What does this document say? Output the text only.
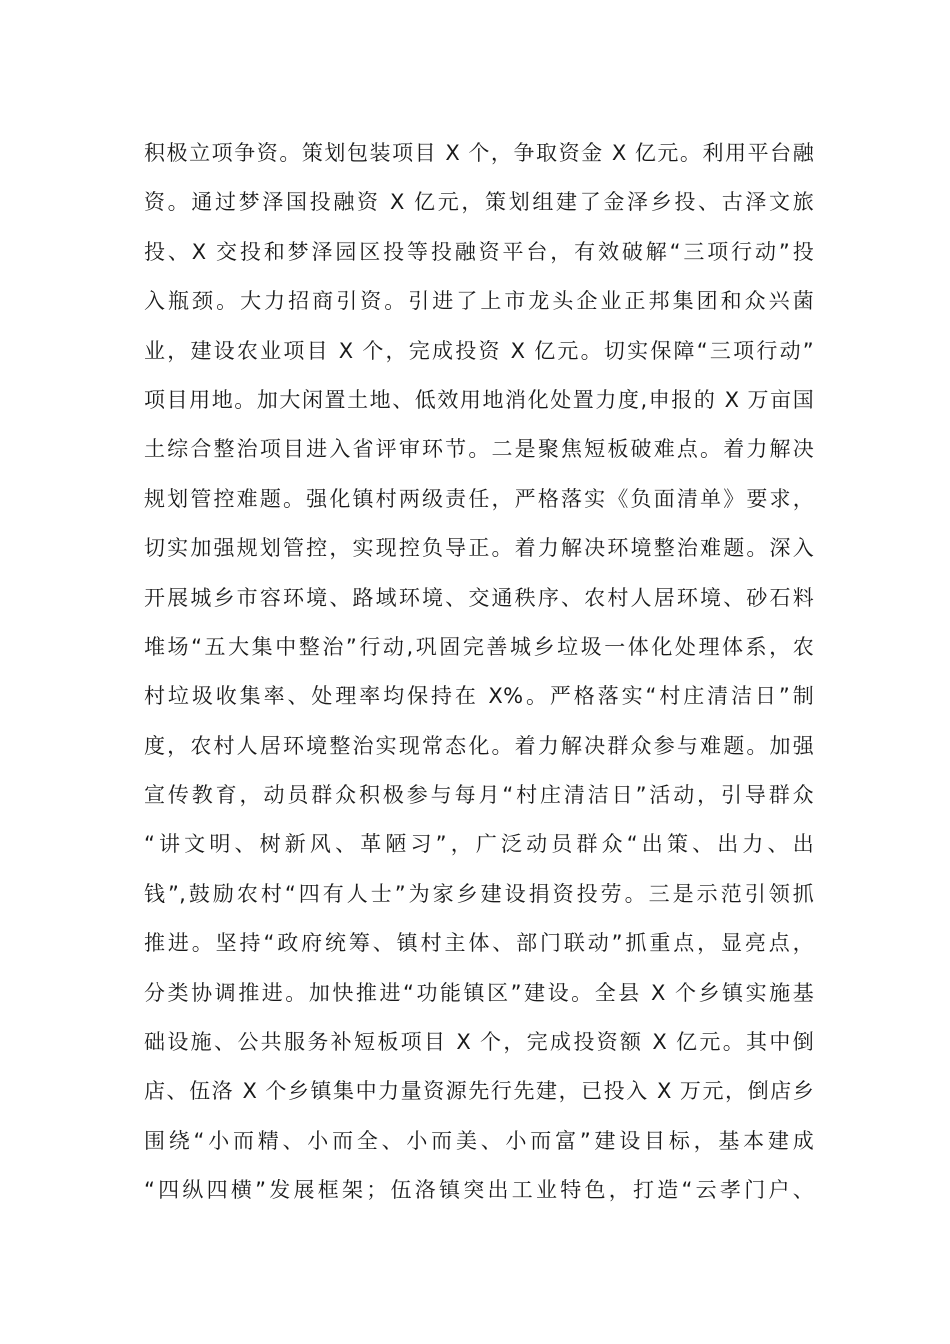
积极立项争资。策划包装项目 X 个，争取资金 X 亿元。利用平台融
资。通过梦泽国投融资 X 亿元，策划组建了金泽乡投、古泽文旅
投、X 交投和梦泽园区投等投融资平台，有效破解“三项行动”投
入瓶颈。大力招商引资。引进了上市龙头企业正邦集团和众兴菌
业，建设农业项目 X 个，完成投资 X 亿元。切实保障“三项行动”
项目用地。加大闲置土地、低效用地消化处置力度,申报的 X 万亩国
土综合整治项目进入省评审环节。二是聚焦短板破难点。着力解决
规划管控难题。强化镇村两级责任，严格落实《负面清单》要求，
切实加强规划管控，实现控负导正。着力解决环境整治难题。深入
开展城乡市容环境、路域环境、交通秩序、农村人居环境、砂石料
堆场“五大集中整治”行动,巩固完善城乡垃圾一体化处理体系，农
村垃圾收集率、处理率均保持在 X%。严格落实“村庄清洁日”制
度，农村人居环境整治实现常态化。着力解决群众参与难题。加强
宣传教育，动员群众积极参与每月“村庄清洁日”活动，引导群众
“讲文明、树新风、革陋习”，广泛动员群众“出策、出力、出
钱”,鼓励农村“四有人士”为家乡建设捐资投劳。三是示范引领抓
推进。坚持“政府统筹、镇村主体、部门联动”抓重点，显亮点，
分类协调推进。加快推进“功能镇区”建设。全县 X 个乡镇实施基
础设施、公共服务补短板项目 X 个，完成投资额 X 亿元。其中倒
店、伍洛 X 个乡镇集中力量资源先行先建，已投入 X 万元，倒店乡
围绕“小而精、小而全、小而美、小而富”建设目标，基本建成
“四纵四横”发展框架；伍洛镇突出工业特色，打造“云孝门户、
